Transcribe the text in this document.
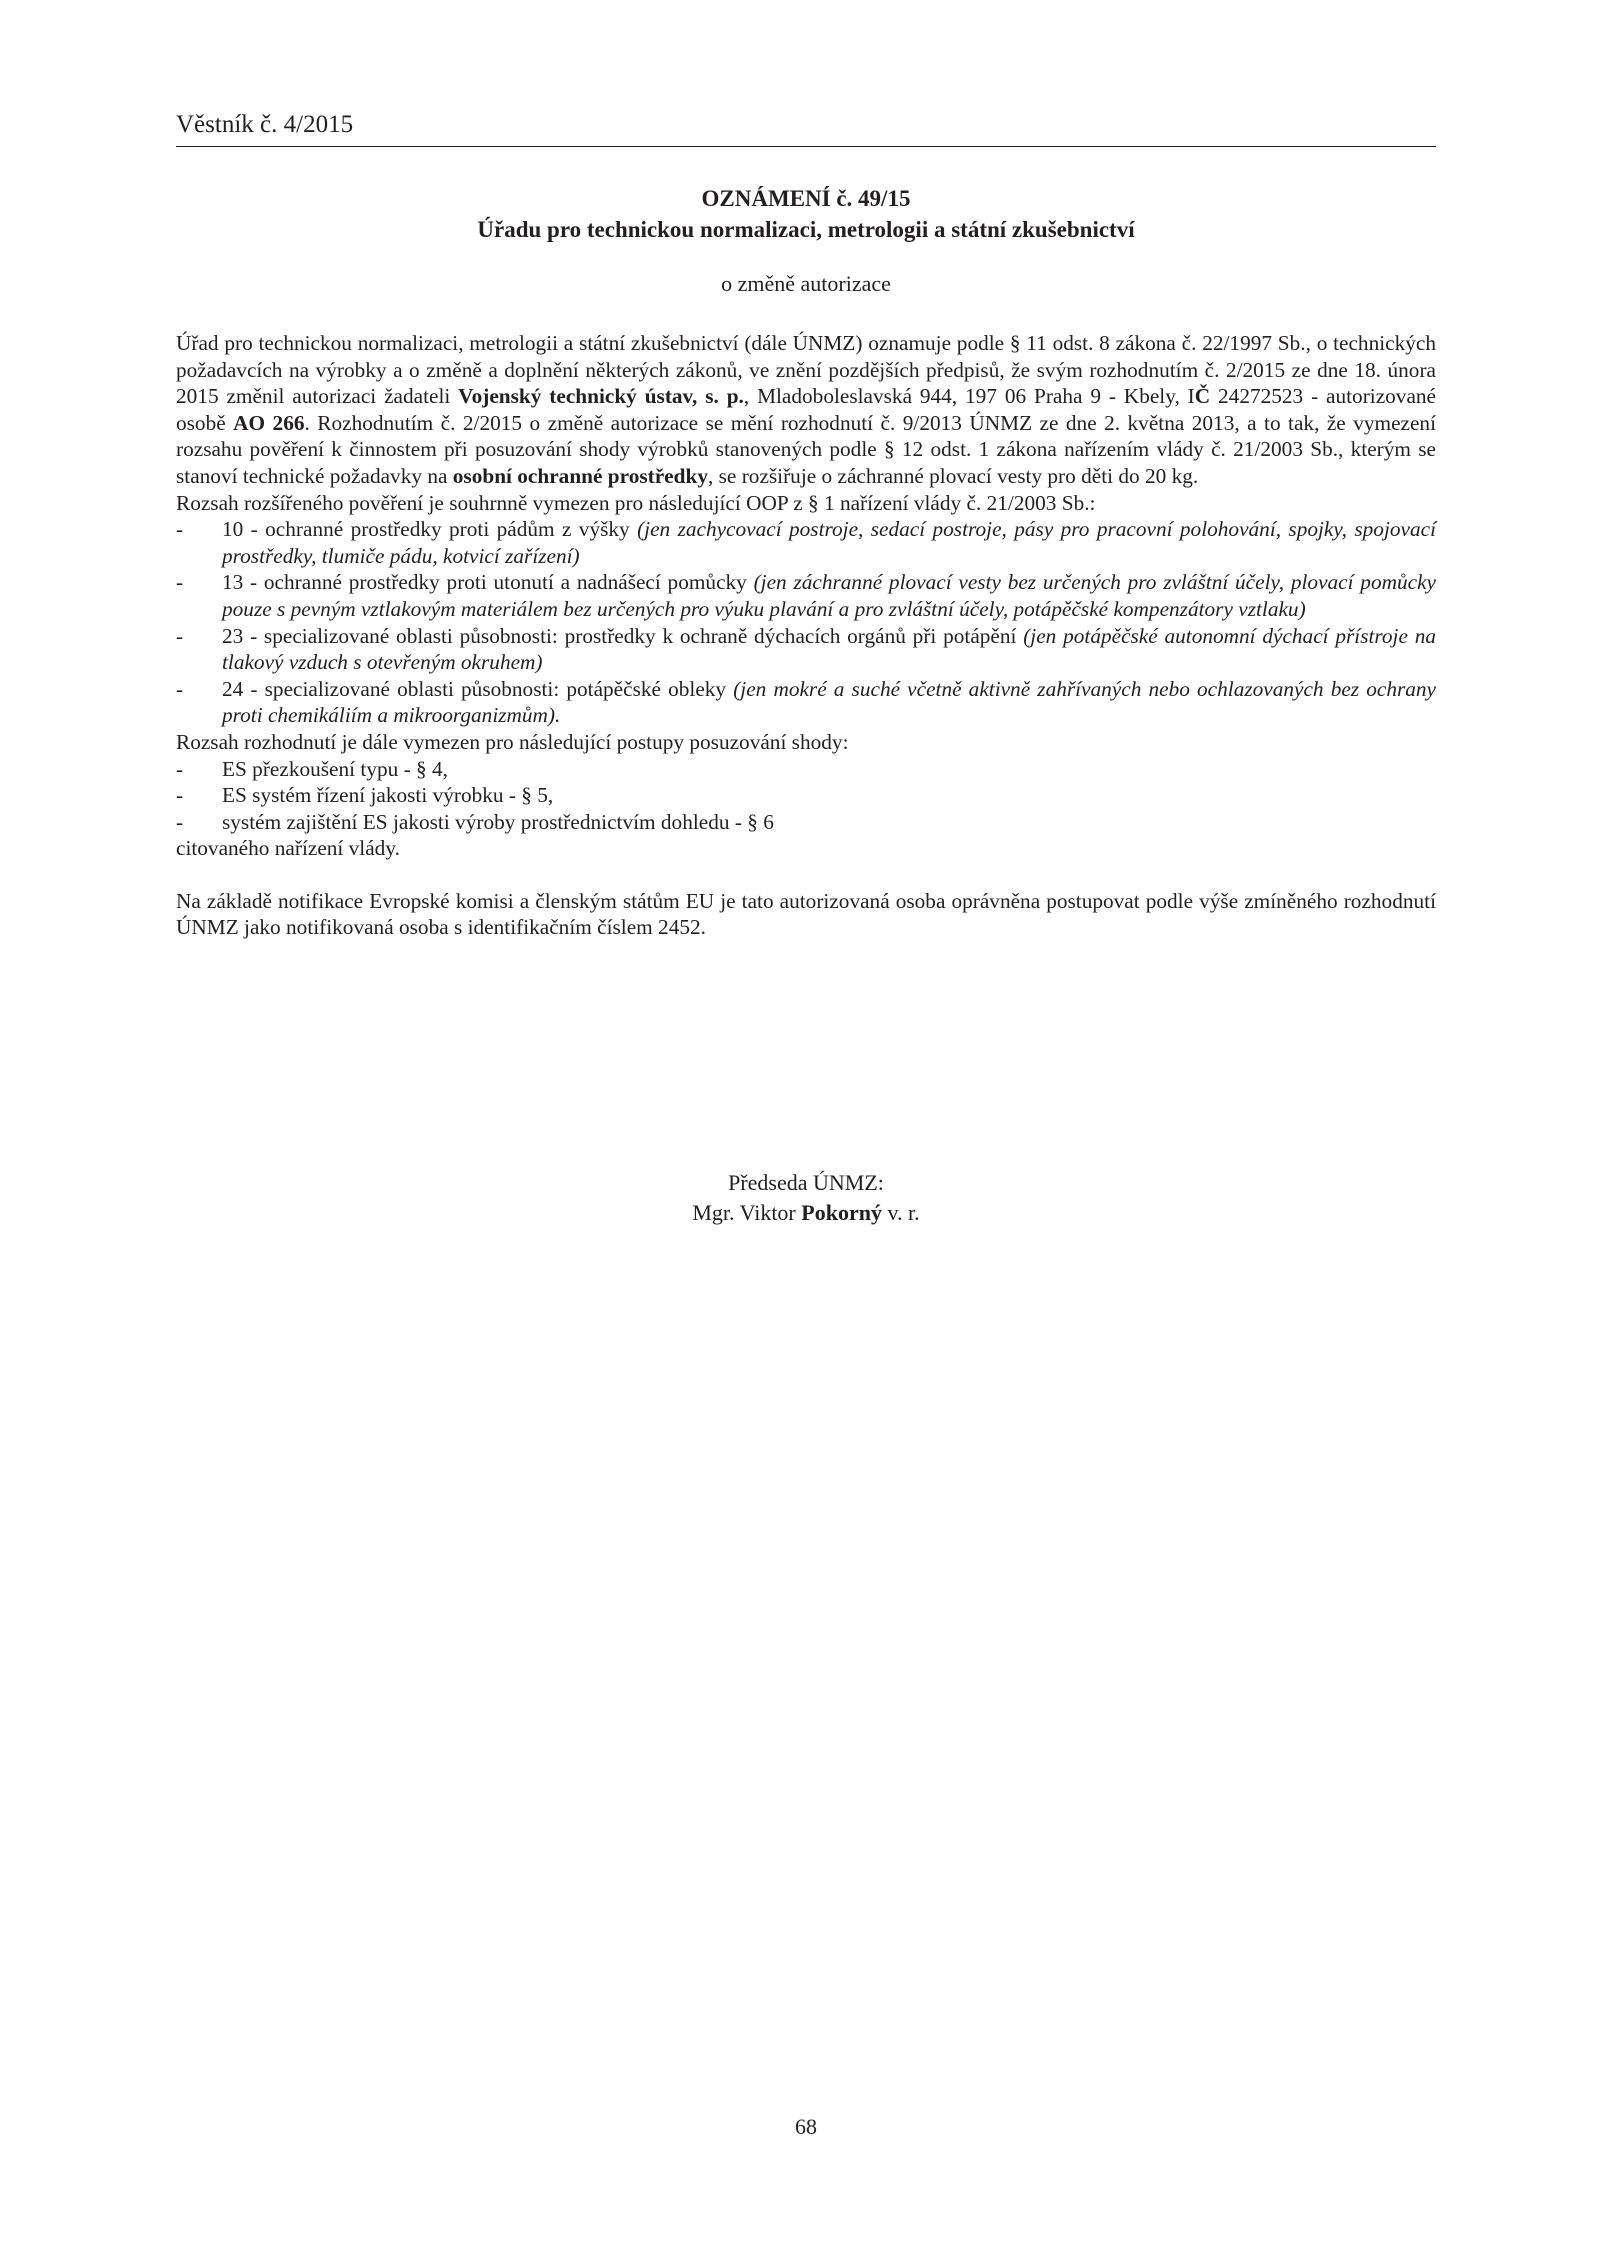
Věstník č. 4/2015
OZNÁMENÍ č. 49/15
Úřadu pro technickou normalizaci, metrologii a státní zkušebnictví
o změně autorizace

Úřad pro technickou normalizaci, metrologii a státní zkušebnictví (dále ÚNMZ) oznamuje podle § 11 odst. 8 zákona č. 22/1997 Sb., o technických požadavcích na výrobky a o změně a doplnění některých zákonů, ve znění pozdějších předpisů, že svým rozhodnutím č. 2/2015 ze dne 18. února 2015 změnil autorizaci žadateli Vojenský technický ústav, s. p., Mladoboleslavská 944, 197 06 Praha 9 - Kbely, IČ 24272523 - autorizované osobě AO 266. Rozhodnutím č. 2/2015 o změně autorizace se mění rozhodnutí č. 9/2013 ÚNMZ ze dne 2. května 2013, a to tak, že vymezení rozsahu pověření k činnostem při posuzování shody výrobků stanovených podle § 12 odst. 1 zákona nařízením vlády č. 21/2003 Sb., kterým se stanoví technické požadavky na osobní ochranné prostředky, se rozšiřuje o záchranné plovací vesty pro děti do 20 kg.

Rozsah rozšířeného pověření je souhrnně vymezen pro následující OOP z § 1 nařízení vlády č. 21/2003 Sb.:

- 10 - ochranné prostředky proti pádům z výšky (jen zachycovací postroje, sedací postroje, pásy pro pracovní polohování, spojky, spojovací prostředky, tlumiče pádu, kotvicí zařízení)
- 13 - ochranné prostředky proti utonutí a nadnášecí pomůcky (jen záchranné plovací vesty bez určených pro zvláštní účely, plovací pomůcky pouze s pevným vztlakovým materiálem bez určených pro výuku plavání a pro zvláštní účely, potápěčské kompenzátory vztlaku)
- 23 - specializované oblasti působnosti: prostředky k ochraně dýchacích orgánů při potápění (jen potápěčské autonomní dýchací přístroje na tlakový vzduch s otevřeným okruhem)
- 24 - specializované oblasti působnosti: potápěčské obleky (jen mokré a suché včetně aktivně zahřívaných nebo ochlazovaných bez ochrany proti chemikáliím a mikroorganizmům).

Rozsah rozhodnutí je dále vymezen pro následující postupy posuzování shody:

- ES přezkoušení typu - § 4,
- ES systém řízení jakosti výrobku - § 5,
- systém zajištění ES jakosti výroby prostřednictvím dohledu - § 6

citovaného nařízení vlády.

Na základě notifikace Evropské komisi a členským státům EU je tato autorizovaná osoba oprávněna postupovat podle výše zmíněného rozhodnutí ÚNMZ jako notifikovaná osoba s identifikačním číslem 2452.

Předseda ÚNMZ:
Mgr. Viktor Pokorný v. r.
68
